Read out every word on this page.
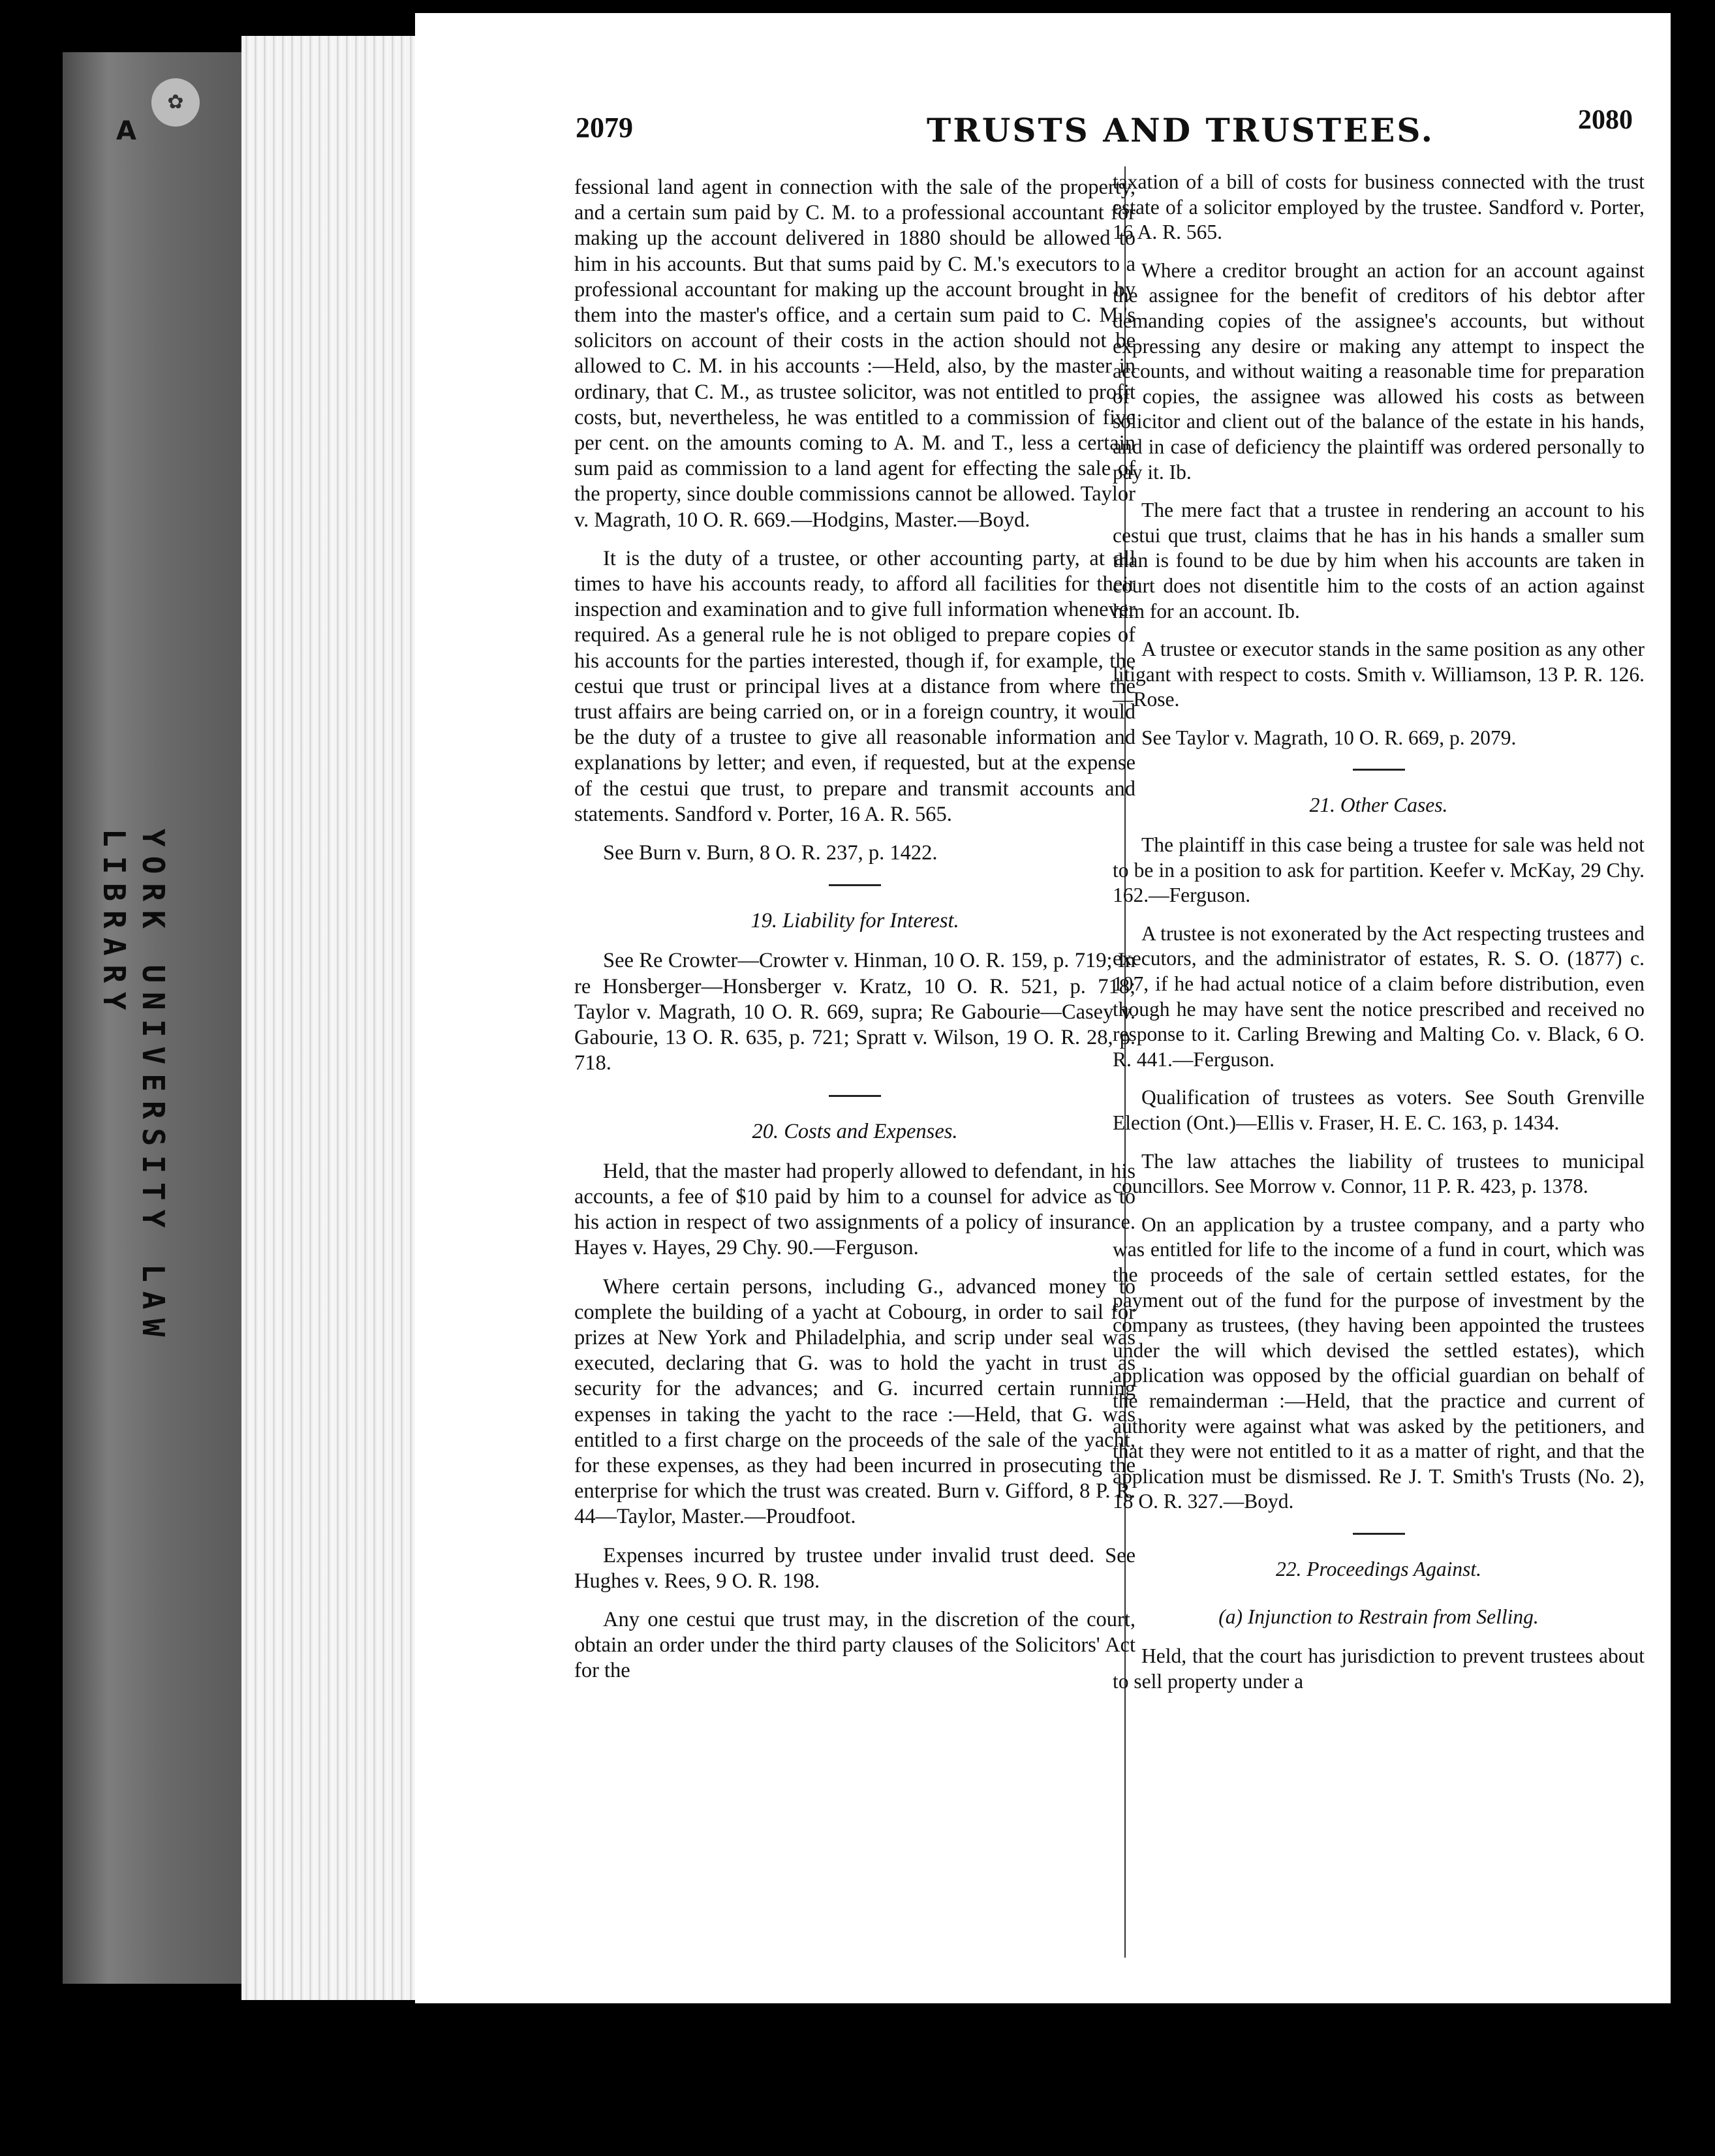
✿
A
YORK UNIVERSITY LAW LIBRARY
2079	TRUSTS AND TRUSTEES.	2080

fessional land agent in connection with the sale of the property, and a certain sum paid by C. M. to a professional accountant for making up the account delivered in 1880 should be allowed to him in his accounts. But that sums paid by C. M.'s executors to a professional accountant for making up the account brought in by them into the master's office, and a certain sum paid to C. M.'s solicitors on account of their costs in the action should not be allowed to C. M. in his accounts :—Held, also, by the master in ordinary, that C. M., as trustee solicitor, was not entitled to profit costs, but, nevertheless, he was entitled to a commission of five per cent. on the amounts coming to A. M. and T., less a certain sum paid as commission to a land agent for effecting the sale of the property, since double commissions cannot be allowed. Taylor v. Magrath, 10 O. R. 669.—Hodgins, Master.—Boyd.

It is the duty of a trustee, or other accounting party, at all times to have his accounts ready, to afford all facilities for their inspection and examination and to give full information whenever required. As a general rule he is not obliged to prepare copies of his accounts for the parties interested, though if, for example, the cestui que trust or principal lives at a distance from where the trust affairs are being carried on, or in a foreign country, it would be the duty of a trustee to give all reasonable information and explanations by letter; and even, if requested, but at the expense of the cestui que trust, to prepare and transmit accounts and statements. Sandford v. Porter, 16 A. R. 565.

See Burn v. Burn, 8 O. R. 237, p. 1422.

19. Liability for Interest.

See Re Crowter—Crowter v. Hinman, 10 O. R. 159, p. 719; In re Honsberger—Honsberger v. Kratz, 10 O. R. 521, p. 718; Taylor v. Magrath, 10 O. R. 669, supra; Re Gabourie—Casey v. Gabourie, 13 O. R. 635, p. 721; Spratt v. Wilson, 19 O. R. 28, p. 718.

20. Costs and Expenses.

Held, that the master had properly allowed to defendant, in his accounts, a fee of $10 paid by him to a counsel for advice as to his action in respect of two assignments of a policy of insurance. Hayes v. Hayes, 29 Chy. 90.—Ferguson.

Where certain persons, including G., advanced money to complete the building of a yacht at Cobourg, in order to sail for prizes at New York and Philadelphia, and scrip under seal was executed, declaring that G. was to hold the yacht in trust as security for the advances; and G. incurred certain running expenses in taking the yacht to the race :—Held, that G. was entitled to a first charge on the proceeds of the sale of the yacht, for these expenses, as they had been incurred in prosecuting the enterprise for which the trust was created. Burn v. Gifford, 8 P. R. 44—Taylor, Master.—Proudfoot.

Expenses incurred by trustee under invalid trust deed. See Hughes v. Rees, 9 O. R. 198.

Any one cestui que trust may, in the discretion of the court, obtain an order under the third party clauses of the Solicitors' Act for the

taxation of a bill of costs for business connected with the trust estate of a solicitor employed by the trustee. Sandford v. Porter, 16 A. R. 565.

Where a creditor brought an action for an account against the assignee for the benefit of creditors of his debtor after demanding copies of the assignee's accounts, but without expressing any desire or making any attempt to inspect the accounts, and without waiting a reasonable time for preparation of copies, the assignee was allowed his costs as between solicitor and client out of the balance of the estate in his hands, and in case of deficiency the plaintiff was ordered personally to pay it. Ib.

The mere fact that a trustee in rendering an account to his cestui que trust, claims that he has in his hands a smaller sum than is found to be due by him when his accounts are taken in court does not disentitle him to the costs of an action against him for an account. Ib.

A trustee or executor stands in the same position as any other litigant with respect to costs. Smith v. Williamson, 13 P. R. 126.—Rose.

See Taylor v. Magrath, 10 O. R. 669, p. 2079.

21. Other Cases.

The plaintiff in this case being a trustee for sale was held not to be in a position to ask for partition. Keefer v. McKay, 29 Chy. 162.—Ferguson.

A trustee is not exonerated by the Act respecting trustees and executors, and the administrator of estates, R. S. O. (1877) c. 107, if he had actual notice of a claim before distribution, even though he may have sent the notice prescribed and received no response to it. Carling Brewing and Malting Co. v. Black, 6 O. R. 441.—Ferguson.

Qualification of trustees as voters. See South Grenville Election (Ont.)—Ellis v. Fraser, H. E. C. 163, p. 1434.

The law attaches the liability of trustees to municipal councillors. See Morrow v. Connor, 11 P. R. 423, p. 1378.

On an application by a trustee company, and a party who was entitled for life to the income of a fund in court, which was the proceeds of the sale of certain settled estates, for the payment out of the fund for the purpose of investment by the company as trustees, (they having been appointed the trustees under the will which devised the settled estates), which application was opposed by the official guardian on behalf of the remainderman :—Held, that the practice and current of authority were against what was asked by the petitioners, and that they were not entitled to it as a matter of right, and that the application must be dismissed. Re J. T. Smith's Trusts (No. 2), 18 O. R. 327.—Boyd.

22. Proceedings Against.
(a) Injunction to Restrain from Selling.

Held, that the court has jurisdiction to prevent trustees about to sell property under a
